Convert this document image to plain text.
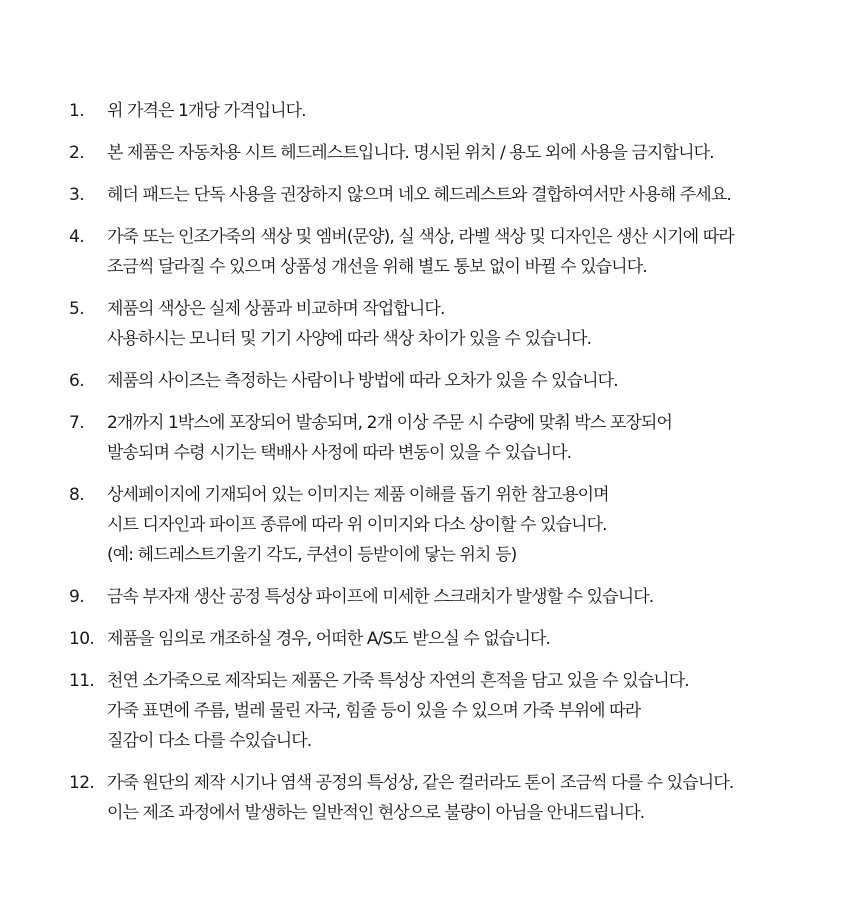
1. 위 가격은 1개당 가격입니다.
2. 본 제품은 자동차용 시트 헤드레스트입니다. 명시된 위치 / 용도 외에 사용을 금지합니다.
3. 헤더 패드는 단독 사용을 권장하지 않으며 네오 헤드레스트와 결합하여서만 사용해 주세요.
4. 가죽 또는 인조가죽의 색상 및 엠버(문양), 실 색상, 라벨 색상 및 디자인은 생산 시기에 따라
조금씩 달라질 수 있으며 상품성 개선을 위해 별도 통보 없이 바뀔 수 있습니다.
5. 제품의 색상은 실제 상품과 비교하며 작업합니다.
사용하시는 모니터 및 기기 사양에 따라 색상 차이가 있을 수 있습니다.
6. 제품의 사이즈는 측정하는 사람이나 방법에 따라 오차가 있을 수 있습니다.
7. 2개까지 1박스에 포장되어 발송되며, 2개 이상 주문 시 수량에 맞춰 박스 포장되어
발송되며 수령 시기는 택배사 사정에 따라 변동이 있을 수 있습니다.
8. 상세페이지에 기재되어 있는 이미지는 제품 이해를 돕기 위한 참고용이며
시트 디자인과 파이프 종류에 따라 위 이미지와 다소 상이할 수 있습니다.
(예: 헤드레스트기울기 각도, 쿠션이 등받이에 닿는 위치 등)
9. 금속 부자재 생산 공정 특성상 파이프에 미세한 스크래치가 발생할 수 있습니다.
10. 제품을 임의로 개조하실 경우, 어떠한 A/S도 받으실 수 없습니다.
11. 천연 소가죽으로 제작되는 제품은 가죽 특성상 자연의 흔적을 담고 있을 수 있습니다.
가죽 표면에 주름, 벌레 물린 자국, 힘줄 등이 있을 수 있으며 가죽 부위에 따라
질감이 다소 다를 수있습니다.
12. 가죽 원단의 제작 시기나 염색 공정의 특성상, 같은 컬러라도 톤이 조금씩 다를 수 있습니다.
이는 제조 과정에서 발생하는 일반적인 현상으로 불량이 아님을 안내드립니다.
